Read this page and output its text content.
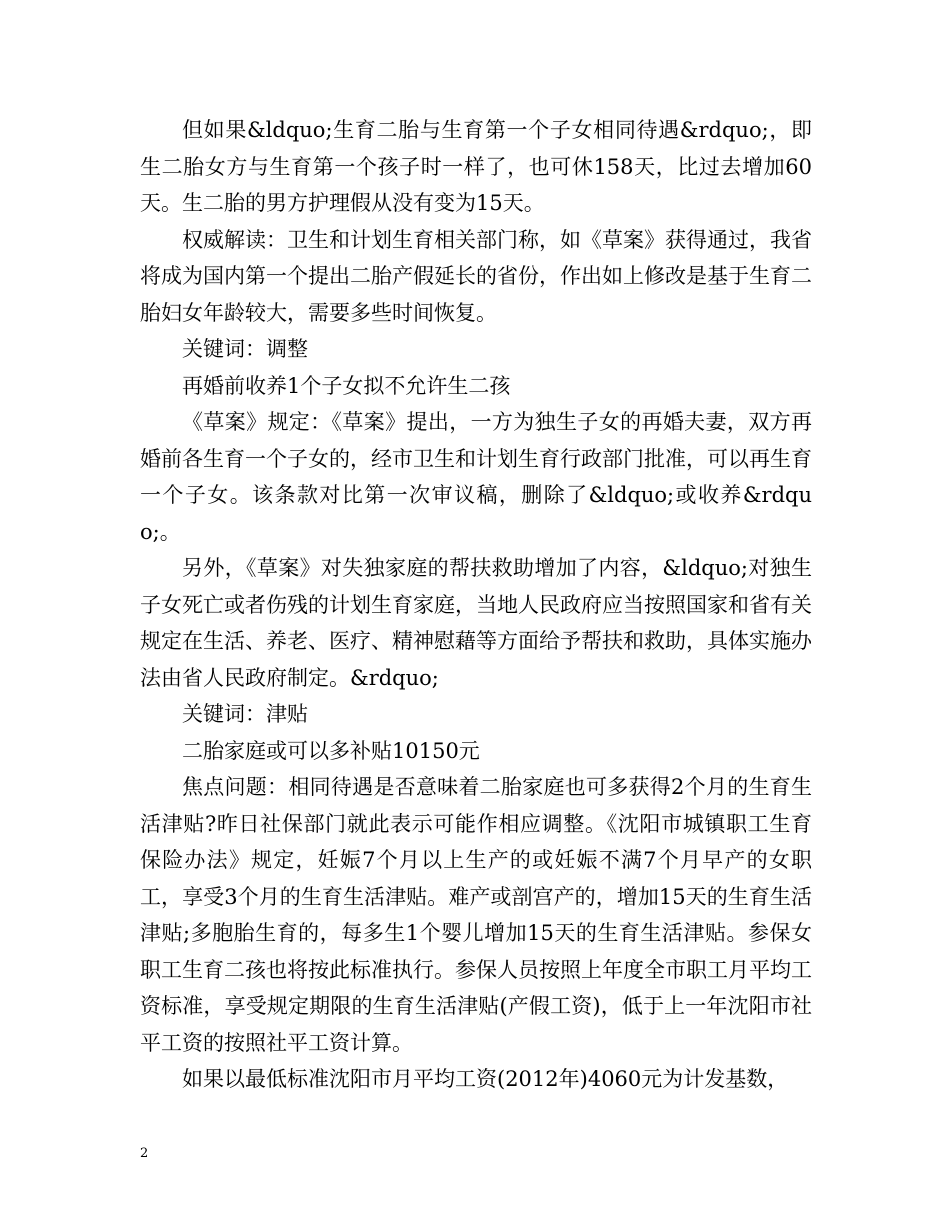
但如果&ldquo;生育二胎与生育第一个子女相同待遇&rdquo;，即生二胎女方与生育第一个孩子时一样了，也可休158天，比过去增加60天。生二胎的男方护理假从没有变为15天。

权威解读：卫生和计划生育相关部门称，如《草案》获得通过，我省将成为国内第一个提出二胎产假延长的省份，作出如上修改是基于生育二胎妇女年龄较大，需要多些时间恢复。

关键词：调整

再婚前收养1个子女拟不允许生二孩

《草案》规定：《草案》提出，一方为独生子女的再婚夫妻，双方再婚前各生育一个子女的，经市卫生和计划生育行政部门批准，可以再生育一个子女。该条款对比第一次审议稿，删除了&ldquo;或收养&rdquo;。

另外，《草案》对失独家庭的帮扶救助增加了内容，&ldquo;对独生子女死亡或者伤残的计划生育家庭，当地人民政府应当按照国家和省有关规定在生活、养老、医疗、精神慰藉等方面给予帮扶和救助，具体实施办法由省人民政府制定。&rdquo;

关键词：津贴

二胎家庭或可以多补贴10150元

焦点问题：相同待遇是否意味着二胎家庭也可多获得2个月的生育生活津贴?昨日社保部门就此表示可能作相应调整。《沈阳市城镇职工生育保险办法》规定，妊娠7个月以上生产的或妊娠不满7个月早产的女职工，享受3个月的生育生活津贴。难产或剖宫产的，增加15天的生育生活津贴;多胞胎生育的，每多生1个婴儿增加15天的生育生活津贴。参保女职工生育二孩也将按此标准执行。参保人员按照上年度全市职工月平均工资标准，享受规定期限的生育生活津贴(产假工资)，低于上一年沈阳市社平工资的按照社平工资计算。

如果以最低标准沈阳市月平均工资(2012年)4060元为计发基数，

2
